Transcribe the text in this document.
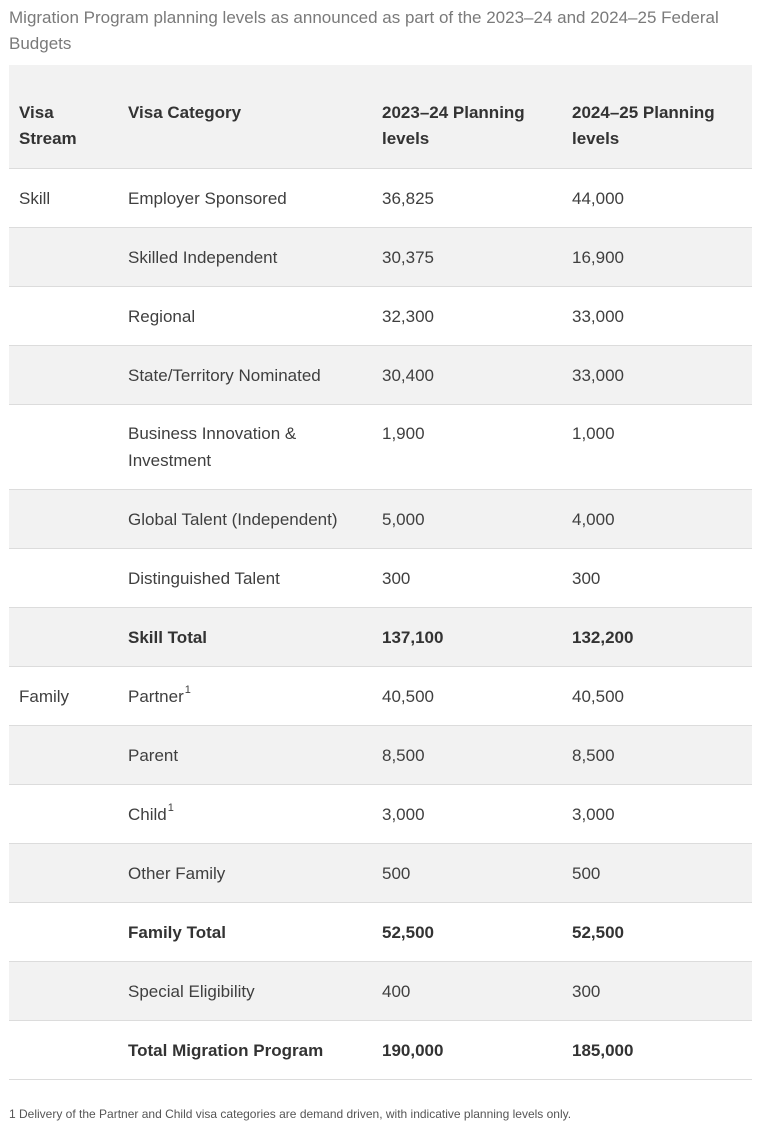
Migration Program planning levels as announced as part of the 2023–24 and 2024–25 Federal Budgets
Visa Stream	Visa Category	2023–24 Planning levels	2024–25 Planning levels
Skill	Employer Sponsored	36,825	44,000
	Skilled Independent	30,375	16,900
	Regional	32,300	33,000
	State/Territory Nominated	30,400	33,000
	Business Innovation & Investment	1,900	1,000
	Global Talent (Independent)	5,000	4,000
	Distinguished Talent	300	300
	Skill Total	137,100	132,200
Family	Partner$^1$	40,500	40,500
	Parent	8,500	8,500
	Child$^1$	3,000	3,000
	Other Family	500	500
	Family Total	52,500	52,500
	Special Eligibility	400	300
	Total Migration Program	190,000	185,000
1 Delivery of the Partner and Child visa categories are demand driven, with indicative planning levels only.
